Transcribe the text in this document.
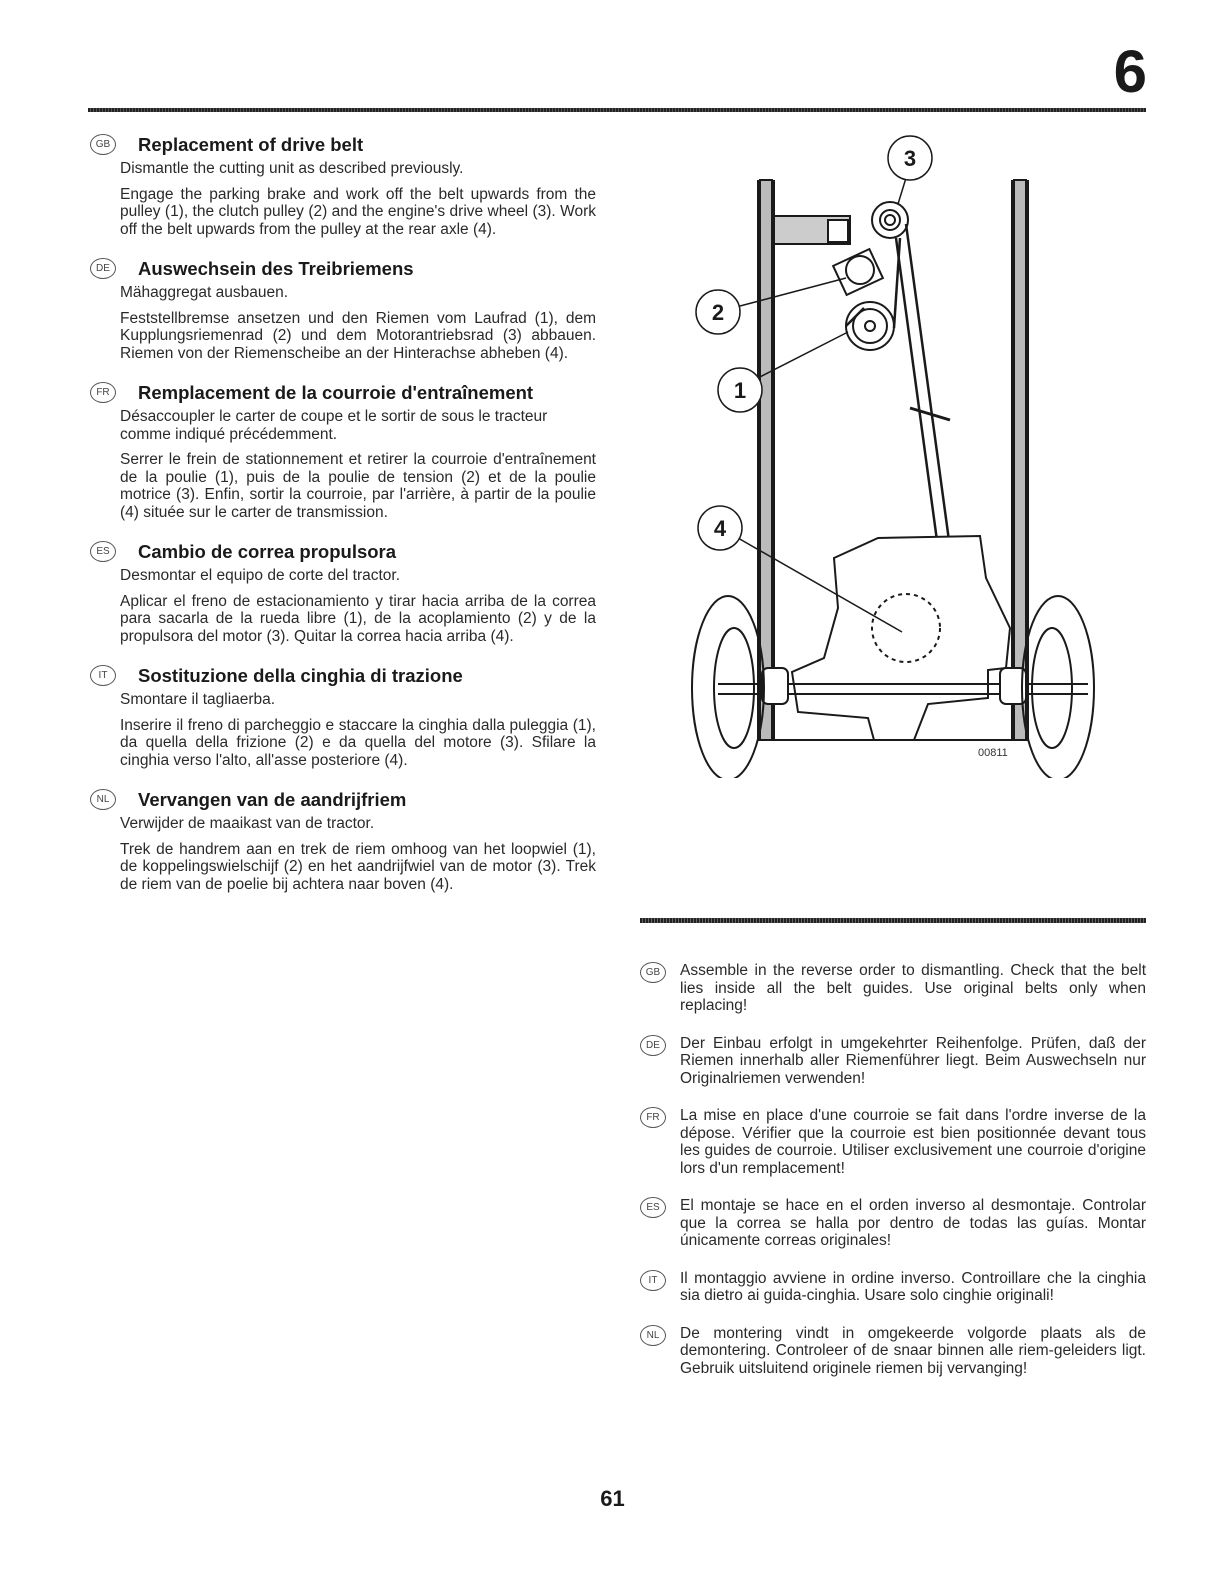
6
GB	Replacement of drive belt

Dismantle the cutting unit as described previously.

Engage the parking brake and work off the belt upwards from the pulley (1), the clutch pulley (2) and the engine's drive wheel (3). Work off the belt upwards from the pulley at the rear axle (4).

DE	Auswechsein des Treibriemens

Mähaggregat ausbauen.

Feststellbremse ansetzen und den Riemen vom Laufrad (1), dem Kupplungsriemenrad (2) und dem Motorantriebsrad (3) abbauen. Riemen von der Riemenscheibe an der Hinterachse abheben (4).

FR	Remplacement de la courroie d'entraînement

Désaccoupler le carter de coupe et le sortir de sous le tracteur comme indiqué précédemment.

Serrer le frein de stationnement et retirer la courroie d'entraînement de la poulie (1), puis de la poulie de tension (2) et de la poulie motrice (3). Enfin, sortir la courroie, par l'arrière, à partir de la poulie (4) située sur le carter de transmission.

ES	Cambio de correa propulsora

Desmontar el equipo de corte del tractor.

Aplicar el freno de estacionamiento y tirar hacia arriba de la correa para sacarla de la rueda libre (1), de la acoplamiento (2) y de la propulsora del motor (3). Quitar la correa hacia arriba (4).

IT	Sostituzione della cinghia di trazione

Smontare il tagliaerba.

Inserire il freno di parcheggio e staccare la cinghia dalla puleggia (1), da quella della frizione (2) e da quella del motore (3). Sfilare la cinghia verso l'alto, all'asse posteriore (4).

NL	Vervangen van de aandrijfriem

Verwijder de maaikast van de tractor.

Trek de handrem aan en trek de riem omhoog van het loopwiel (1), de koppelingswielschijf (2) en het aandrijfwiel van de motor (3). Trek de riem van de poelie bij achtera naar boven (4).

3
2
1
4
00811
GB	Assemble in the reverse order to dismantling. Check that the belt lies inside all the belt guides. Use original belts only when replacing!

DE	Der Einbau erfolgt in umgekehrter Reihenfolge. Prüfen, daß der Riemen innerhalb aller Riemenführer liegt. Beim Auswechseln nur Originalriemen verwenden!

FR	La mise en place d'une courroie se fait dans l'ordre inverse de la dépose. Vérifier que la courroie est bien positionnée devant tous les guides de courroie. Utiliser exclusivement une courroie d'origine lors d'un remplacement!

ES	El montaje se hace en el orden inverso al desmontaje. Controlar que la correa se halla por dentro de todas las guías. Montar únicamente correas originales!

IT	Il montaggio avviene in ordine inverso. Controillare che la cinghia sia dietro ai guida-cinghia. Usare solo cinghie originali!

NL	De montering vindt in omgekeerde volgorde plaats als de demontering. Controleer of de snaar binnen alle riem-geleiders ligt. Gebruik uitsluitend originele riemen bij vervanging!

61
